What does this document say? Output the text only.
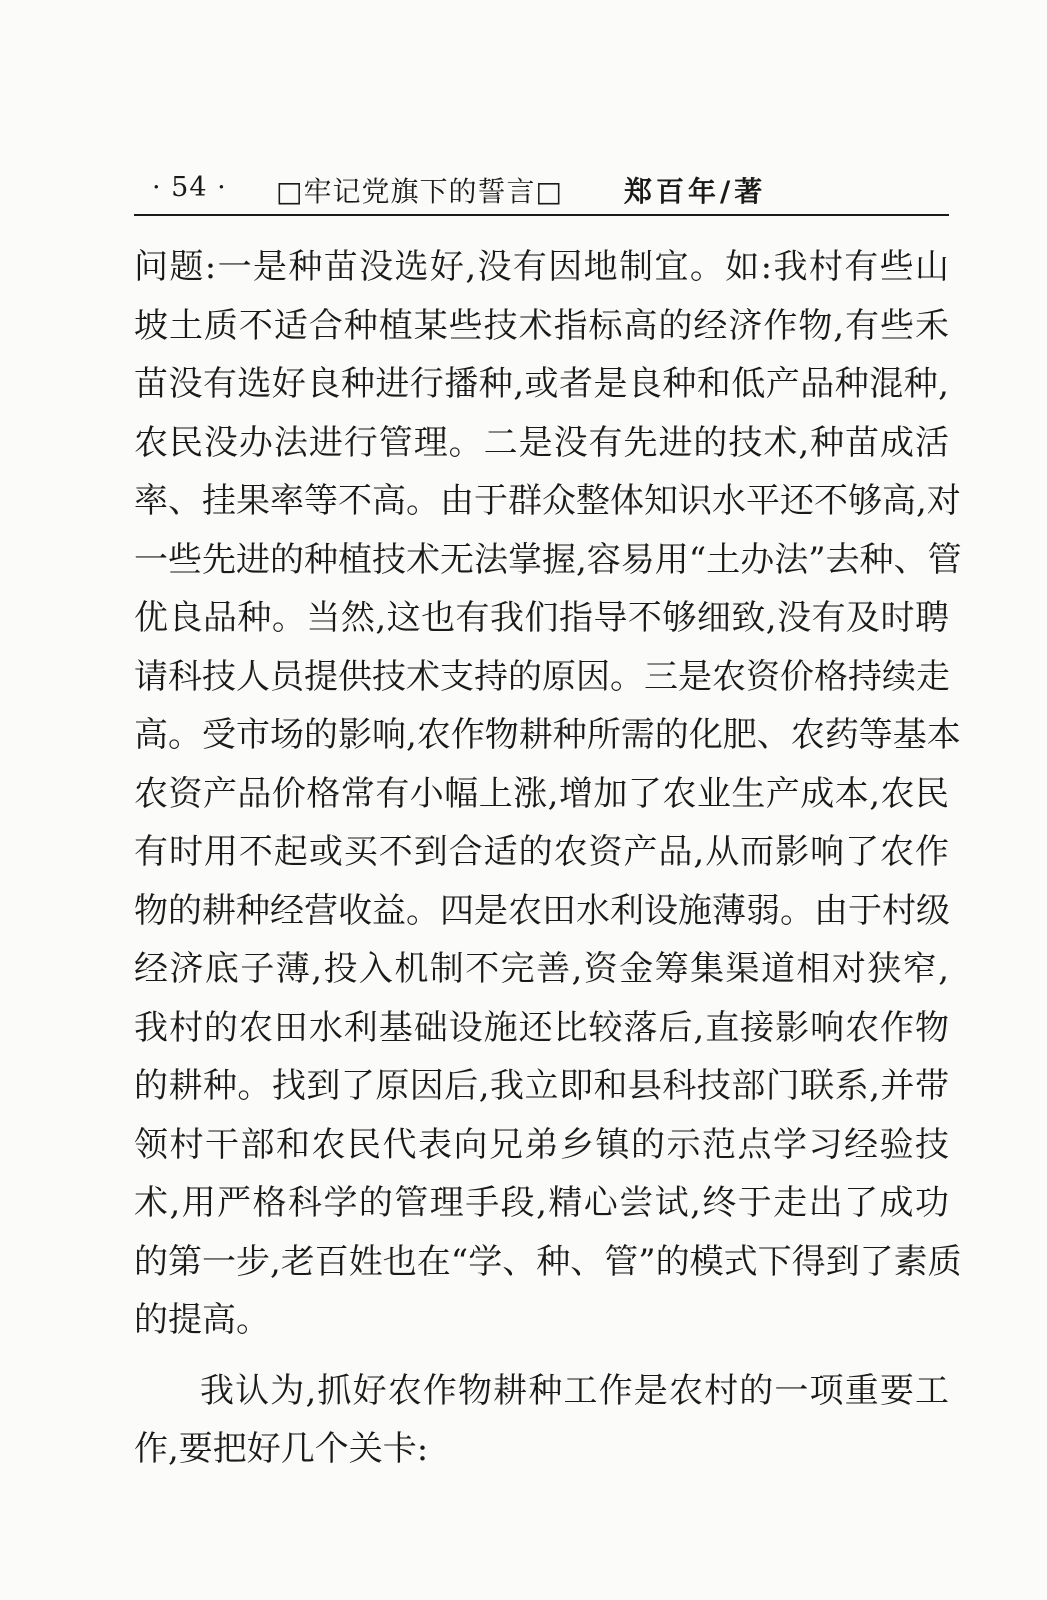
· 54 · □牢记党旗下的誓言□ 郑百年/著
问题:一是种苗没选好,没有因地制宜。如:我村有些山
坡土质不适合种植某些技术指标高的经济作物,有些禾
苗没有选好良种进行播种,或者是良种和低产品种混种,
农民没办法进行管理。二是没有先进的技术,种苗成活
率、挂果率等不高。由于群众整体知识水平还不够高,对
一些先进的种植技术无法掌握,容易用“土办法”去种、管
优良品种。当然,这也有我们指导不够细致,没有及时聘
请科技人员提供技术支持的原因。三是农资价格持续走
高。受市场的影响,农作物耕种所需的化肥、农药等基本
农资产品价格常有小幅上涨,增加了农业生产成本,农民
有时用不起或买不到合适的农资产品,从而影响了农作
物的耕种经营收益。四是农田水利设施薄弱。由于村级
经济底子薄,投入机制不完善,资金筹集渠道相对狭窄,
我村的农田水利基础设施还比较落后,直接影响农作物
的耕种。找到了原因后,我立即和县科技部门联系,并带
领村干部和农民代表向兄弟乡镇的示范点学习经验技
术,用严格科学的管理手段,精心尝试,终于走出了成功
的第一步,老百姓也在“学、种、管”的模式下得到了素质
的提高。
我认为,抓好农作物耕种工作是农村的一项重要工
作,要把好几个关卡:
